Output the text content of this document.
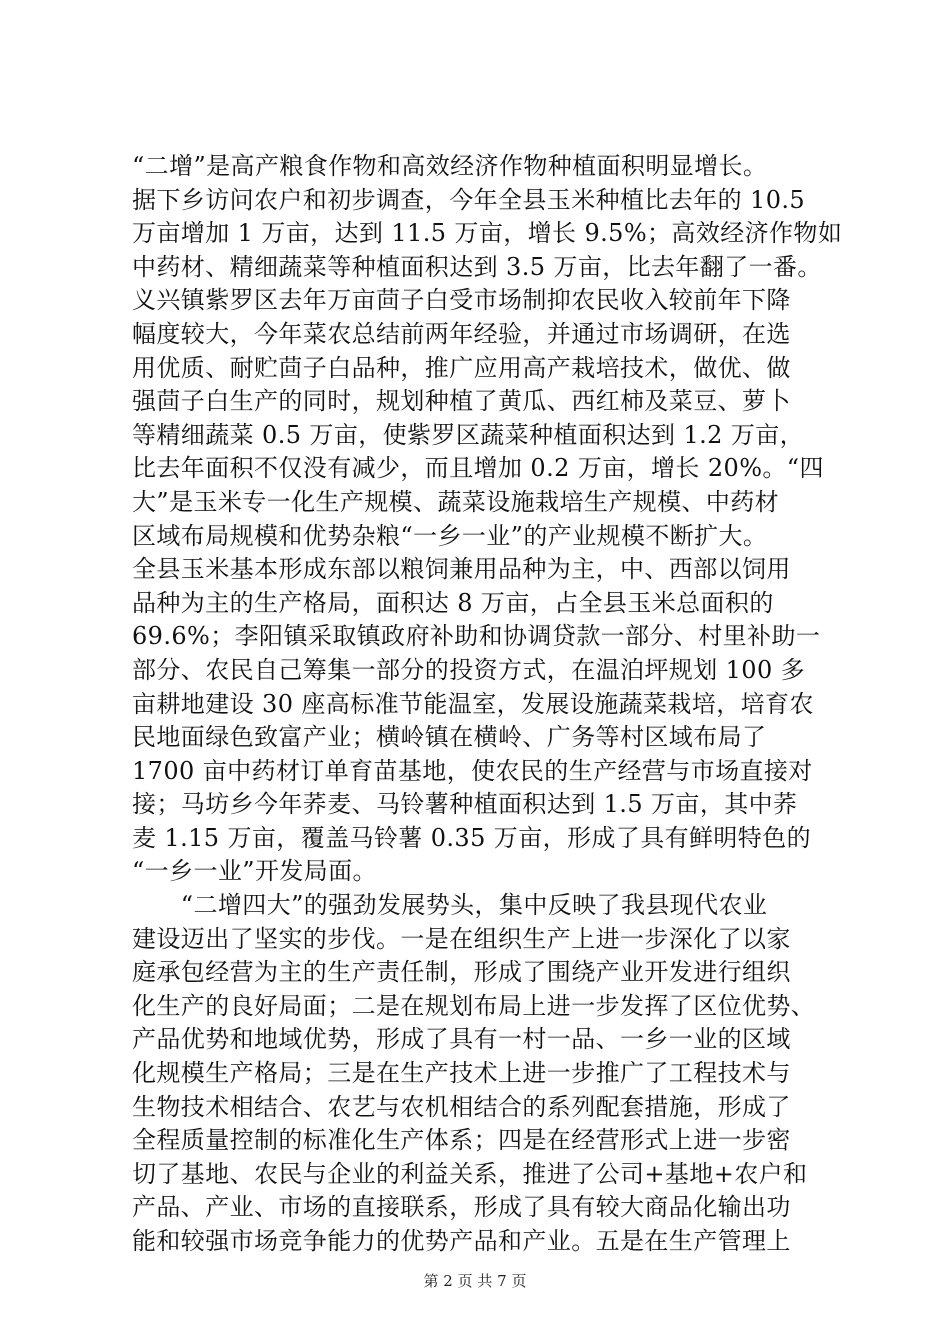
“二增”是高产粮食作物和高效经济作物种植面积明显增长。
据下乡访问农户和初步调查，今年全县玉米种植比去年的 10.5
万亩增加 1 万亩，达到 11.5 万亩，增长 9.5%；高效经济作物如
中药材、精细蔬菜等种植面积达到 3.5 万亩，比去年翻了一番。
义兴镇紫罗区去年万亩茴子白受市场制抑农民收入较前年下降
幅度较大，今年菜农总结前两年经验，并通过市场调研，在选
用优质、耐贮茴子白品种，推广应用高产栽培技术，做优、做
强茴子白生产的同时，规划种植了黄瓜、西红柿及菜豆、萝卜
等精细蔬菜 0.5 万亩，使紫罗区蔬菜种植面积达到 1.2 万亩，
比去年面积不仅没有减少，而且增加 0.2 万亩，增长 20%。“四
大”是玉米专一化生产规模、蔬菜设施栽培生产规模、中药材
区域布局规模和优势杂粮“一乡一业”的产业规模不断扩大。
全县玉米基本形成东部以粮饲兼用品种为主，中、西部以饲用
品种为主的生产格局，面积达 8 万亩，占全县玉米总面积的
69.6%；李阳镇采取镇政府补助和协调贷款一部分、村里补助一
部分、农民自己筹集一部分的投资方式，在温泊坪规划 100 多
亩耕地建设 30 座高标准节能温室，发展设施蔬菜栽培，培育农
民地面绿色致富产业；横岭镇在横岭、广务等村区域布局了
1700 亩中药材订单育苗基地，使农民的生产经营与市场直接对
接；马坊乡今年荞麦、马铃薯种植面积达到 1.5 万亩，其中荞
麦 1.15 万亩，覆盖马铃薯 0.35 万亩，形成了具有鲜明特色的
“一乡一业”开发局面。
　　“二增四大”的强劲发展势头，集中反映了我县现代农业
建设迈出了坚实的步伐。一是在组织生产上进一步深化了以家
庭承包经营为主的生产责任制，形成了围绕产业开发进行组织
化生产的良好局面；二是在规划布局上进一步发挥了区位优势、
产品优势和地域优势，形成了具有一村一品、一乡一业的区域
化规模生产格局；三是在生产技术上进一步推广了工程技术与
生物技术相结合、农艺与农机相结合的系列配套措施，形成了
全程质量控制的标准化生产体系；四是在经营形式上进一步密
切了基地、农民与企业的利益关系，推进了公司+基地+农户和
产品、产业、市场的直接联系，形成了具有较大商品化输出功
能和较强市场竞争能力的优势产品和产业。五是在生产管理上
第 2 页 共 7 页
